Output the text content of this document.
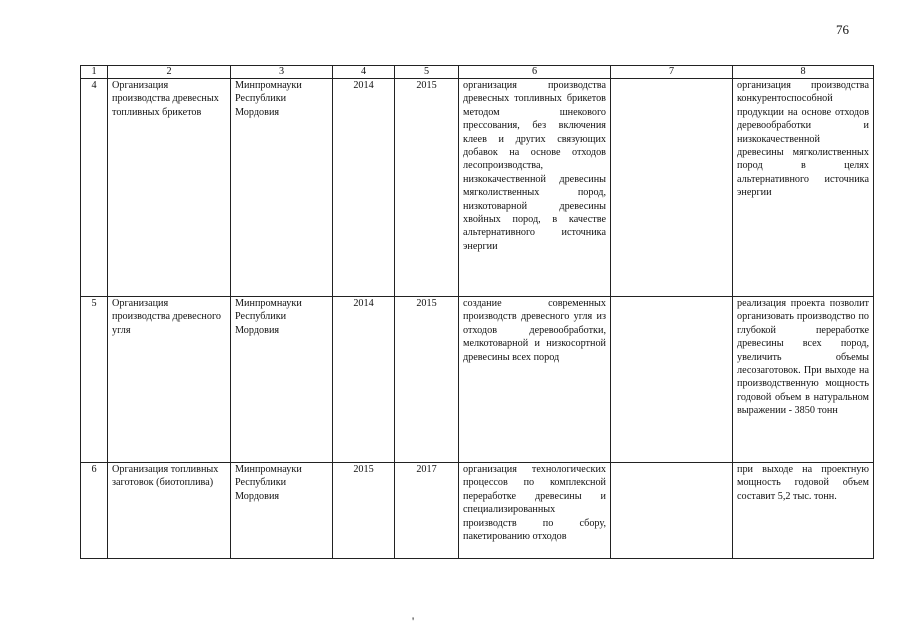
76
1	2	3	4	5	6	7	8
4	Организация производства древесных топливных брикетов	Минпромнауки Республики Мордовия	2014	2015	организация производства древесных топливных брикетов методом шнекового прессования, без включения клеев и других связующих добавок на основе отходов лесопроизводства, низкокачественной древесины мягколиственных пород, низкотоварной древесины хвойных пород, в качестве альтернативного источника энергии		организация производства конкурентоспособной продукции на основе отходов деревообработки и низкокачественной древесины мягколиственных пород в целях альтернативного источника энергии
5	Организация производства древесного угля	Минпромнауки Республики Мордовия	2014	2015	создание современных производств древесного угля из отходов деревообработки, мелкотоварной и низкосортной древесины всех пород		реализация проекта позволит организовать производство по глубокой переработке древесины всех пород, увеличить объемы лесозаготовок. При выходе на производственную мощность годовой объем в натуральном выражении - 3850 тонн
6	Организация топливных заготовок (биотоплива)	Минпромнауки Республики Мордовия	2015	2017	организация технологических процессов по комплексной переработке древесины и специализированных производств по сбору, пакетированию отходов		при выходе на проектную мощность годовой объем составит 5,2 тыс. тонн.
'
